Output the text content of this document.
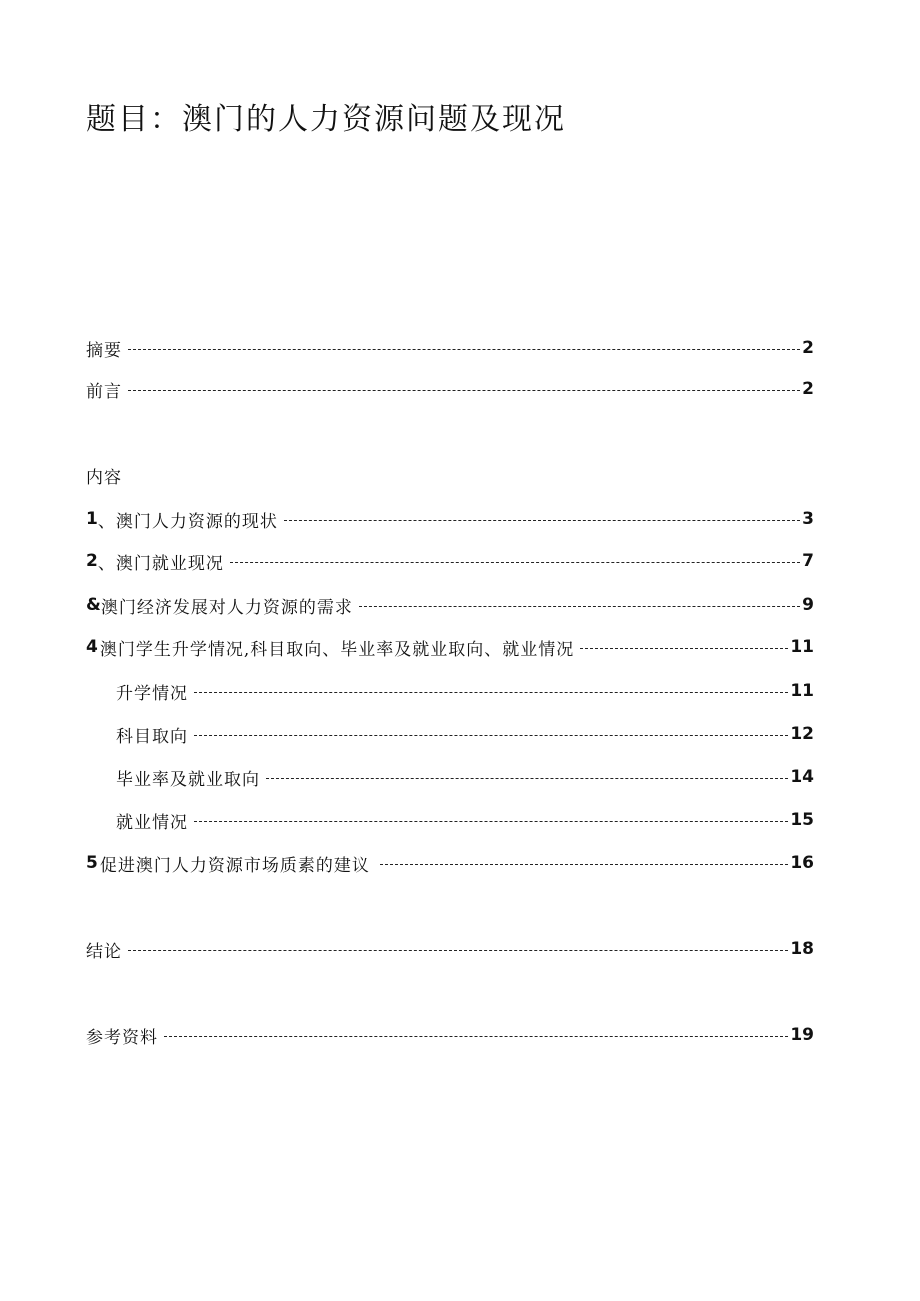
题目：澳门的人力资源问题及现况
摘要	2
前言	2
内容
1 、澳门人力资源的现状	3
2 、澳门就业现况	7
& 澳门经济发展对人力资源的需求	9
4 澳门学生升学情况,科目取向、毕业率及就业取向、就业情况	11
升学情况	11
科目取向	12
毕业率及就业取向	14
就业情况	15
5 促进澳门人力资源市场质素的建议	16
结论	18
参考资料	19
